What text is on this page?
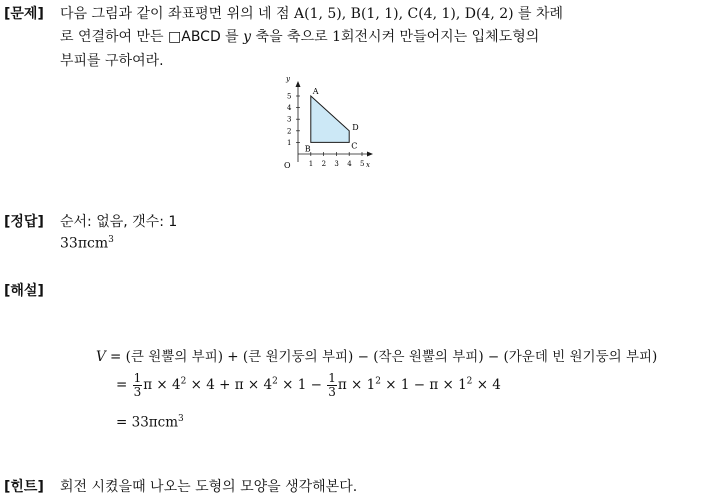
[문제] 다음 그림과 같이 좌표평면 위의 네 점 A(1, 5), B(1, 1), C(4, 1), D(4, 2) 를 차례
로 연결하여 만든 □ABCD 를 y 축을 축으로 1회전시켜 만들어지는 입체도형의
부피를 구하여라.
1
2
3
4
5
1 2 3 4 5
y
x
O
A
B	C
D
[정답] 순서: 없음, 갯수: 1
33πcm$^3$
[해설]
V = (큰 원뿔의 부피) + (큰 원기둥의 부피) − (작은 원뿔의 부피) − (가운데 빈 원기둥의 부피)
= $\frac{1}{3}$ $\pi \times 4^2 \times 4 + \pi \times 4^2 \times 1 - \frac{1}{3}$ $\pi \times 1^2 \times 1 - \pi \times 1^2 \times 4$
= 33πcm$^3$
[힌트] 회전 시켰을때 나오는 도형의 모양을 생각해본다.
